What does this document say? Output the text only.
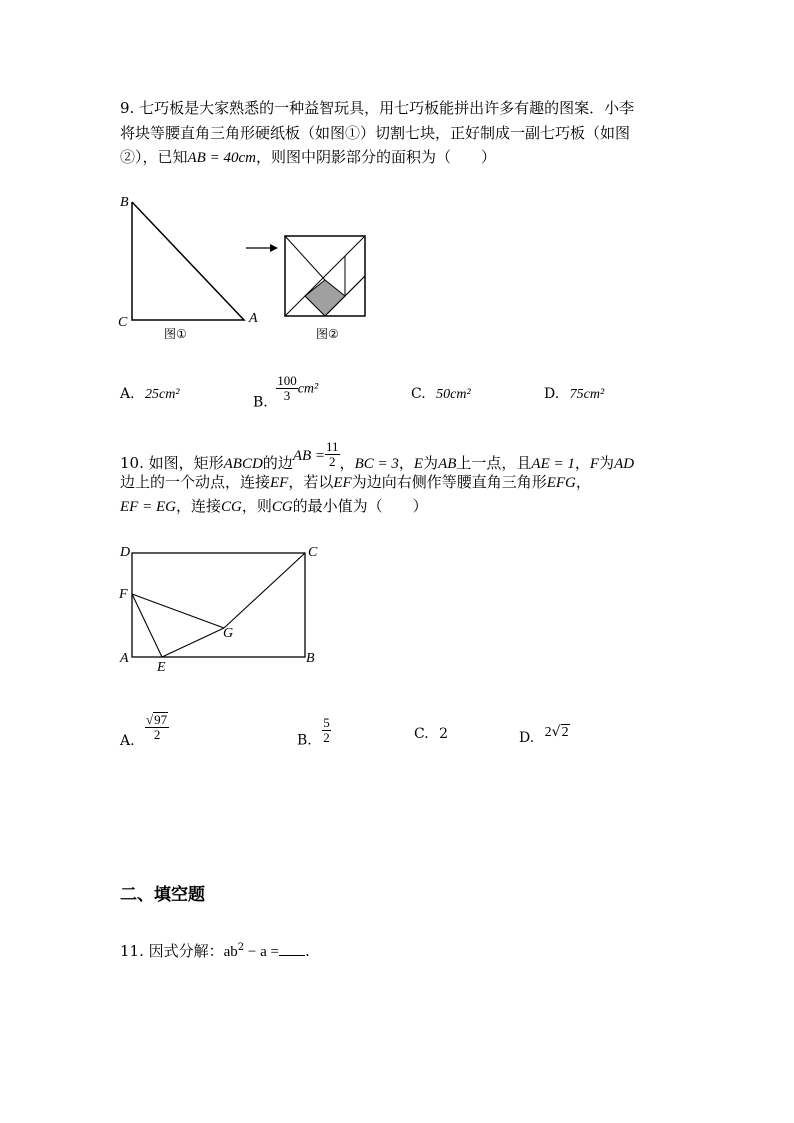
9. 七巧板是大家熟悉的一种益智玩具，用七巧板能拼出许多有趣的图案．小李
将块等腰直角三角形硬纸板（如图①）切割七块，正好制成一副七巧板（如图
②），已知AB = 40cm，则图中阴影部分的面积为（　　）
B
C	A
图①	图②
A. 25cm²	B. $\frac{100}{3} cm^2$	C. 50cm²	D. 75cm²
10. 如图，矩形ABCD的边AB = $\frac{11}{2}$ ，BC = 3，E为AB上一点，且AE = 1，F为AD
边上的一个动点，连接EF，若以EF为边向右侧作等腰直角三角形EFG，
EF = EG，连接CG，则CG的最小值为（　　）
D	C
F
G
A
E
B
A. $\frac{√97}{2}$	B. $\frac{5}{2}$	C. 2	D. 2√2
二、填空题
11. 因式分解：$ab^2 - a$ = .
